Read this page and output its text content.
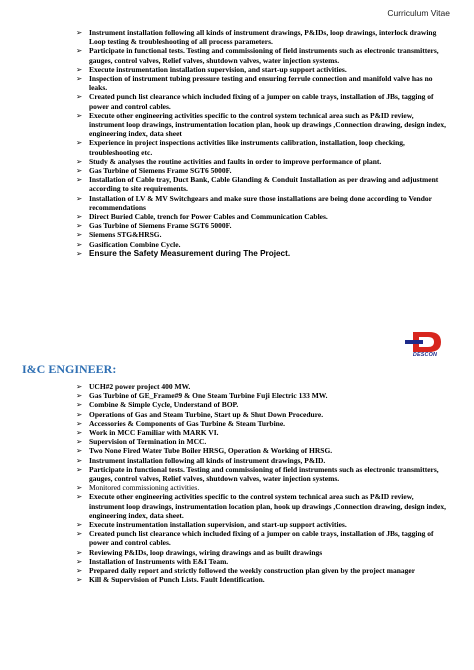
Curriculum Vitae
➢ Instrument installation following all kinds of instrument drawings, P&IDs, loop drawings, interlock drawing Loop testing & troubleshooting of all process parameters.
➢ Participate in functional tests. Testing and commissioning of field instruments such as electronic transmitters, gauges, control valves, Relief valves, shutdown valves, water injection systems.
➢ Execute instrumentation installation supervision, and start-up support activities.
➢ Inspection of instrument tubing pressure testing and ensuring ferrule connection and manifold valve has no leaks.
➢ Created punch list clearance which included fixing of a jumper on cable trays, installation of JBs, tagging of power and control cables.
➢ Execute other engineering activities specific to the control system technical area such as P&ID review, instrument loop drawings, instrumentation location plan, hook up drawings ,Connection drawing, design index, engineering index, data sheet
➢ Experience in project inspections activities like instruments calibration, installation, loop checking, troubleshooting etc.
➢ Study & analyses the routine activities and faults in order to improve performance of plant.
➢ Gas Turbine of Siemens Frame SGT6 5000F.
➢ Installation of Cable tray, Duct Bank, Cable Glanding & Conduit Installation as per drawing and adjustment according to site requirements.
➢ Installation of LV & MV Switchgears and make sure those installations are being done according to Vendor recommendations
➢ Direct Buried Cable, trench for Power Cables and Communication Cables.
➢ Gas Turbine of Siemens Frame SGT6 5000F.
➢ Siemens STG&HRSG.
➢ Gasification Combine Cycle.
➢ Ensure the Safety Measurement during The Project.
DESCON
I&C ENGINEER:
➢ UCH#2 power project 400 MW.
➢ Gas Turbine of GE_Frame#9 & One Steam Turbine Fuji Electric 133 MW.
➢ Combine & Simple Cycle, Understand of BOP.
➢ Operations of Gas and Steam Turbine, Start up & Shut Down Procedure.
➢ Accessories & Components of Gas Turbine & Steam Turbine.
➢ Work in MCC Familiar with MARK VI.
➢ Supervision of Termination in MCC.
➢ Two None Fired Water Tube Boiler HRSG, Operation & Working of HRSG.
➢ Instrument installation following all kinds of instrument drawings, P&ID.
➢ Participate in functional tests. Testing and commissioning of field instruments such as electronic transmitters, gauges, control valves, Relief valves, shutdown valves, water injection systems.
➢ Monitored commissioning activities.
➢ Execute other engineering activities specific to the control system technical area such as P&ID review, instrument loop drawings, instrumentation location plan, hook up drawings ,Connection drawing, design index, engineering index, data sheet.
➢ Execute instrumentation installation supervision, and start-up support activities.
➢ Created punch list clearance which included fixing of a jumper on cable trays, installation of JBs, tagging of power and control cables.
➢ Reviewing P&IDs, loop drawings, wiring drawings and as built drawings
➢ Installation of Instruments with E&I Team.
➢ Prepared daily report and strictly followed the weekly construction plan given by the project manager
➢ Kill & Supervision of Punch Lists. Fault Identification.
